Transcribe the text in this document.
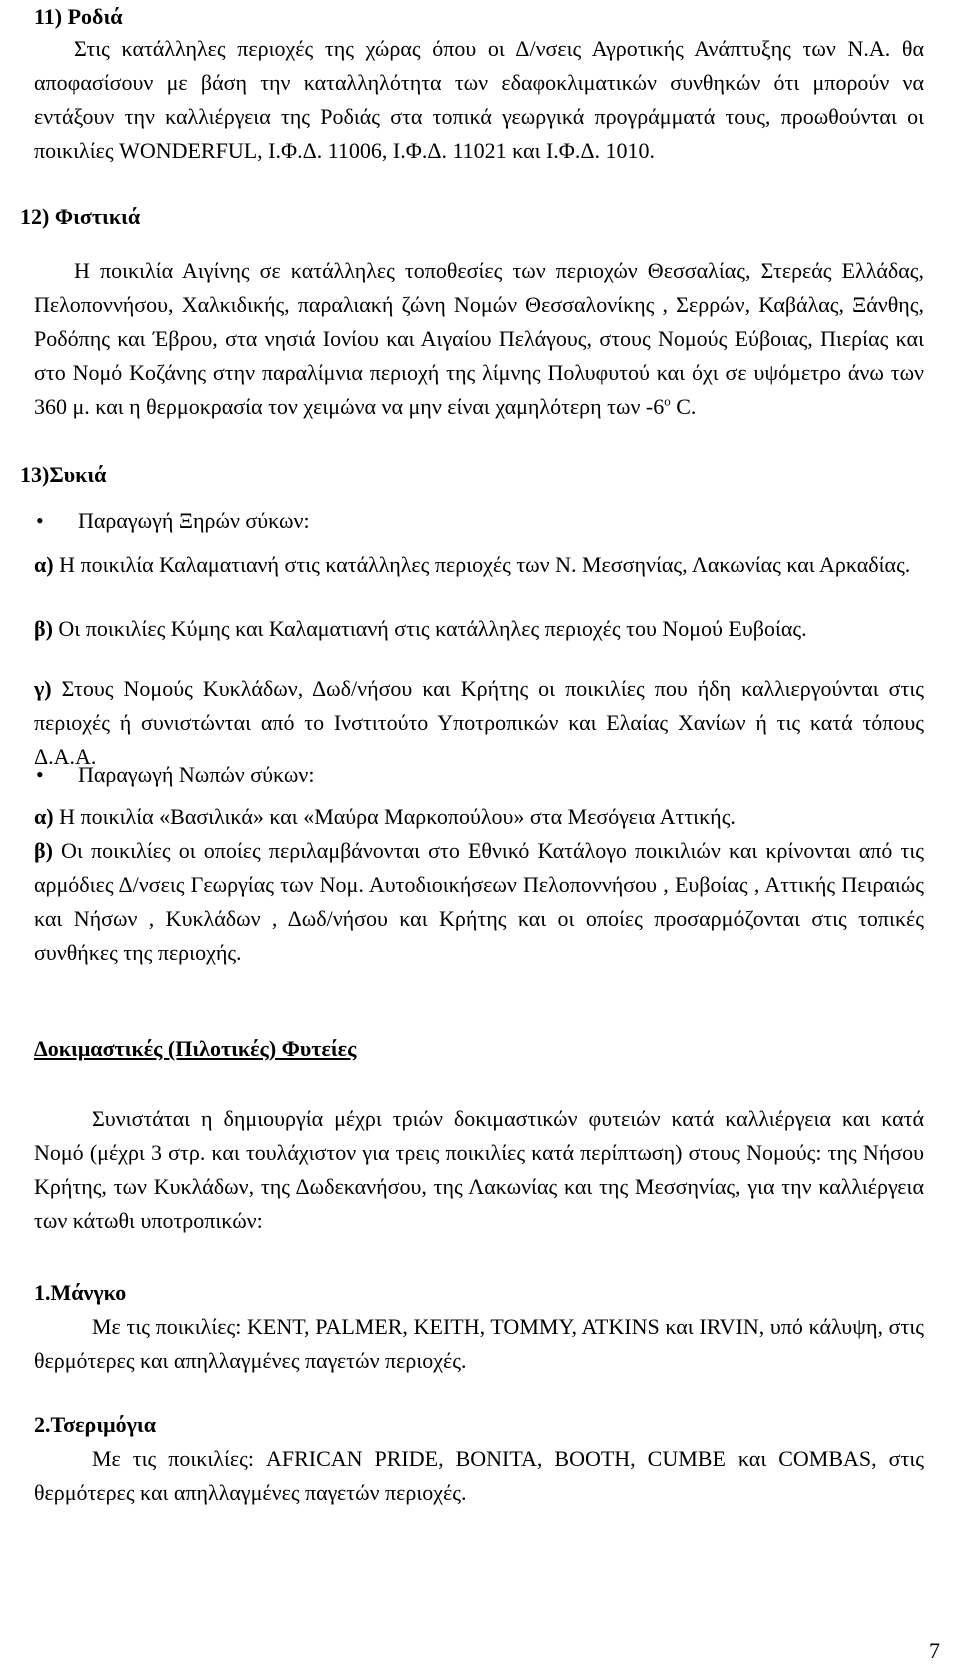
11) Ροδιά

Στις κατάλληλες περιοχές της χώρας όπου οι Δ/νσεις Αγροτικής Ανάπτυξης των Ν.Α. θα αποφασίσουν με βάση την καταλληλότητα των εδαφοκλιματικών συνθηκών ότι μπορούν να εντάξουν την καλλιέργεια της Ροδιάς στα τοπικά γεωργικά προγράμματά τους, προωθούνται οι ποικιλίες WONDERFUL, Ι.Φ.Δ. 11006, Ι.Φ.Δ. 11021 και Ι.Φ.Δ. 1010.

12) Φιστικιά

Η ποικιλία Αιγίνης σε κατάλληλες τοποθεσίες των περιοχών Θεσσαλίας, Στερεάς Ελλάδας, Πελοποννήσου, Χαλκιδικής, παραλιακή ζώνη Νομών Θεσσαλονίκης , Σερρών, Καβάλας, Ξάνθης, Ροδόπης και Έβρου, στα νησιά Ιονίου και Αιγαίου Πελάγους, στους Νομούς Εύβοιας, Πιερίας και στο Νομό Κοζάνης στην παραλίμνια περιοχή της λίμνης Πολυφυτού και όχι σε υψόμετρο άνω των 360 μ. και η θερμοκρασία τον χειμώνα να μην είναι χαμηλότερη των $-6^o$ C.

13)Συκιά
• Παραγωγή Ξηρών σύκων:

α) Η ποικιλία Καλαματιανή στις κατάλληλες περιοχές των Ν. Μεσσηνίας, Λακωνίας και Αρκαδίας.

β) Οι ποικιλίες Κύμης και Καλαματιανή στις κατάλληλες περιοχές του Νομού Ευβοίας.

γ) Στους Νομούς Κυκλάδων, Δωδ/νήσου και Κρήτης οι ποικιλίες που ήδη καλλιεργούνται στις περιοχές ή συνιστώνται από το Ινστιτούτο Υποτροπικών και Ελαίας Χανίων ή τις κατά τόπους Δ.Α.Α.

• Παραγωγή Νωπών σύκων:

α) Η ποικιλία «Βασιλικά» και «Μαύρα Μαρκοπούλου» στα Μεσόγεια Αττικής.

β) Οι ποικιλίες οι οποίες περιλαμβάνονται στο Εθνικό Κατάλογο ποικιλιών και κρίνονται από τις αρμόδιες Δ/νσεις Γεωργίας των Νομ. Αυτοδιοικήσεων Πελοποννήσου , Ευβοίας , Αττικής Πειραιώς και Νήσων , Κυκλάδων , Δωδ/νήσου και Κρήτης και οι οποίες προσαρμόζονται στις τοπικές συνθήκες της περιοχής.

Δοκιμαστικές (Πιλοτικές) Φυτείες

Συνιστάται η δημιουργία μέχρι τριών δοκιμαστικών φυτειών κατά καλλιέργεια και κατά Νομό (μέχρι 3 στρ. και τουλάχιστον για τρεις ποικιλίες κατά περίπτωση) στους Νομούς: της Νήσου Κρήτης, των Κυκλάδων, της Δωδεκανήσου, της Λακωνίας και της Μεσσηνίας, για την καλλιέργεια των κάτωθι υποτροπικών:

1.Μάνγκο

Με τις ποικιλίες: KENT, PALMER, KEITH, TOMMY, ATKINS και IRVIN, υπό κάλυψη, στις θερμότερες και απηλλαγμένες παγετών περιοχές.

2.Τσεριμόγια

Με τις ποικιλίες: AFRICAN PRIDE, BONITA, BOOTH, CUMBE και COMBAS, στις θερμότερες και απηλλαγμένες παγετών περιοχές.

7
